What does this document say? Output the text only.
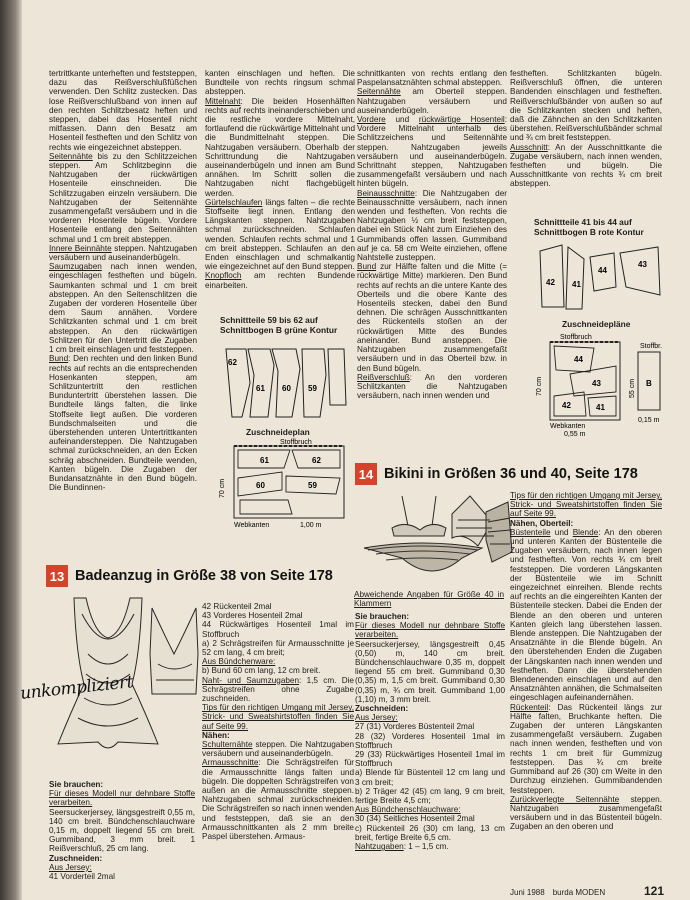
tertrittkante unterheften und feststeppen, dazu das Reißverschlußfüßchen verwenden. Den Schlitz zustecken. Das lose Reißverschlußband von innen auf den rechten Schlitzbesatz heften und steppen, dabei das Hosenteil nicht mitfassen. Dann den Besatz am Hosenteil festheften und den Schlitz von rechts wie eingezeichnet absteppen.

Seitennähte bis zu den Schlitzzeichen steppen. Am Schlitzbeginn die Nahtzugaben der rückwärtigen Hosenteile einschneiden. Die Schlitzzugaben einzeln versäubern. Die Nahtzugaben der Seitennähte zusammengefaßt versäubern und in die vorderen Hosenteile bügeln. Vordere Hosenteile entlang den Seitennähten schmal und 1 cm breit absteppen.

Innere Beinnähte steppen. Nahtzugaben versäubern und auseinanderbügeln.

Saumzugaben nach innen wenden, eingeschlagen festheften und bügeln. Saumkanten schmal und 1 cm breit absteppen. An den Seitenschlitzen die Zugaben der vorderen Hosenteile über dem Saum annähen. Vordere Schlitzkanten schmal und 1 cm breit absteppen. An den rückwärtigen Schlitzen für den Untertritt die Zugaben 1 cm breit einschlagen und feststeppen.

Bund: Den rechten und den linken Bund rechts auf rechts an die entsprechenden Hosenkanten steppen, am Schlitzuntertritt den restlichen Bunduntertritt überstehen lassen. Die Bundteile längs falten, die linke Stoffseite liegt außen. Die vorderen Bundschmalseiten und die überstehenden unteren Untertrittkanten aufeinandersteppen. Die Nahtzugaben schmal zurückschneiden, an den Ecken schräg abschneiden. Bundteile wenden, Kanten bügeln. Die Zugaben der Bundansatznähte in den Bund bügeln. Die Bundinnen-

kanten einschlagen und heften. Die Bundteile von rechts ringsum schmal absteppen.

Mittelnaht: Die beiden Hosenhälften rechts auf rechts ineinanderschieben und die restliche vordere Mittelnaht, fortlaufend die rückwärtige Mittelnaht und die Bundmittelnaht steppen. Die Nahtzugaben versäubern. Oberhalb der Schrittrundung die Nahtzugaben auseinanderbügeln und innen am Bund annähen. Im Schritt sollen die Nahtzugaben nicht flachgebügelt werden.

Gürtelschlaufen längs falten – die rechte Stoffseite liegt innen. Entlang den Längskanten steppen. Nahtzugaben schmal zurückschneiden. Schlaufen wenden. Schlaufen rechts schmal und 1 cm breit absteppen. Schlaufen an den Enden einschlagen und schmalkantig wie eingezeichnet auf den Bund steppen.

Knopfloch am rechten Bundende einarbeiten.

schnittkanten von rechts entlang den Paspelansatznähten schmal absteppen.

Seitennähte am Oberteil steppen. Nahtzugaben versäubern und auseinanderbügeln.

Vordere und rückwärtige Hosenteil: Vordere Mittelnaht unterhalb des Schlitzzeichens und Seitennähte steppen. Nahtzugaben jeweils versäubern und auseinanderbügeln. Schrittnaht steppen, Nahtzugaben zusammengefaßt versäubern und nach hinten bügeln.

Beinausschnitte: Die Nahtzugaben der Beinausschnitte versäubern, nach innen wenden und festheften. Von rechts die Nahtzugaben ½ cm breit feststeppen, dabei ein Stück Naht zum Einziehen des Gummibands offen lassen. Gummiband auf je ca. 58 cm Weite einziehen, offene Nahtstelle zusteppen.

Bund zur Hälfte falten und die Mitte (= rückwärtige Mitte) markieren. Den Bund rechts auf rechts an die untere Kante des Oberteils und die obere Kante des Hosenteils stecken, dabei den Bund dehnen. Die schrägen Ausschnittkanten des Rückenteils stoßen an der rückwärtigen Mitte des Bundes aneinander. Bund ansteppen. Die Nahtzugaben zusammengefaßt versäubern und in das Oberteil bzw. in den Bund bügeln.

Reißverschluß: An den vorderen Schlitzkanten die Nahtzugaben versäubern, nach innen wenden und

festheften. Schlitzkanten bügeln. Reißverschluß öffnen, die unteren Bandenden einschlagen und festheften. Reißverschlußbänder von außen so auf die Schlitzkanten stecken und heften, daß die Zähnchen an den Schlitzkanten überstehen. Reißverschlußbänder schmal und ¾ cm breit feststeppen.

Ausschnitt: An der Ausschnittkante die Zugabe versäubern, nach innen wenden, festheften und bügeln. Die Ausschnittkante von rechts ¾ cm breit absteppen.

Schnittteile 59 bis 62 auf Schnittbogen B grüne Kontur
62
61 60 59
Zuschneideplan
Stoffbruch
61	62
60	59
70 cm
Webkanten	1,00 m
Schnittteile 41 bis 44 auf Schnittbogen B rote Kontur
42 41
44
43
Zuschneidepläne
Stoffbruch
44
43
42	41
70 cm
Webkanten
0,55 m
Stoffbr.
B
55 cm
0,15 m
14 Bikini in Größen 36 und 40, Seite 178
Abweichende Angaben für Größe 40 in Klammern
13 Badeanzug in Größe 38 von Seite 178
unkompliziert

Sie brauchen:

Für dieses Modell nur dehnbare Stoffe verarbeiten.

Seersuckerjersey, längsgestreift 0,55 m, 140 cm breit. Bündchenschlauchware 0,15 m, doppelt liegend 55 cm breit. Gummiband, 3 mm breit. 1 Reißverschluß, 25 cm lang.

Zuschneiden:

Aus Jersey:

41 Vorderteil 2mal

42 Rückenteil 2mal

43 Vorderes Hosenteil 2mal

44 Rückwärtiges Hosenteil 1mal im Stoffbruch

a) 2 Schrägstreifen für Armausschnitte je 52 cm lang, 4 cm breit;

Aus Bündchenware:

b) Bund 60 cm lang, 12 cm breit.

Naht- und Saumzugaben: 1,5 cm. Die Schrägstreifen ohne Zugabe zuschneiden.

Tips für den richtigen Umgang mit Jersey, Strick- und Sweatshirtstoffen finden Sie auf Seite 99.

Nähen:

Schulternähte steppen. Die Nahtzugaben versäubern und auseinanderbügeln.

Armausschnitte: Die Schrägstreifen für die Armausschnitte längs falten und bügeln. Die doppelten Schrägstreifen von außen an die Armausschnitte steppen. Nahtzugaben schmal zurückschneiden. Die Schrägstreifen so nach innen wenden und feststeppen, daß sie an den Armausschnittkanten als 2 mm breite Paspel überstehen. Armaus-

Sie brauchen:

Für dieses Modell nur dehnbare Stoffe verarbeiten.

Seersuckerjersey, längsgestreift 0,45 (0,50) m, 140 cm breit. Bündchenschlauchware 0,35 m, doppelt liegend 55 cm breit. Gummiband 0,30 (0,35) m, 1,5 cm breit. Gummiband 0,30 (0,35) m, ¾ cm breit. Gummiband 1,00 (1,10) m, 3 mm breit.

Zuschneiden:

Aus Jersey:

27 (31) Vorderes Büstenteil 2mal

28 (32) Vorderes Hosenteil 1mal im Stoffbruch

29 (33) Rückwärtiges Hosenteil 1mal im Stoffbruch

a) Blende für Büstenteil 12 cm lang und 3 cm breit;

b) 2 Träger 42 (45) cm lang, 9 cm breit, fertige Breite 4,5 cm;

Aus Bündchenschlauchware:

30 (34) Seitliches Hosenteil 2mal

c) Rückenteil 26 (30) cm lang, 13 cm breit, fertige Breite 6,5 cm.

Nahtzugaben: 1 – 1,5 cm.

Tips für den richtigen Umgang mit Jersey, Strick- und Sweatshirtstoffen finden Sie auf Seite 99.

Nähen, Oberteil:

Büstenteile und Blende: An den oberen und unteren Kanten der Büstenteile die Zugaben versäubern, nach innen legen und festheften. Von rechts ¾ cm breit feststeppen. Die vorderen Längskanten der Büstenteile wie im Schnitt eingezeichnet einreihen. Blende rechts auf rechts an die eingereihten Kanten der Büstenteile stecken. Dabei die Enden der Blende an den oberen und unteren Kanten gleich lang überstehen lassen. Blende ansteppen. Die Nahtzugaben der Ansatznähte in die Blende bügeln. An den überstehenden Enden die Zugaben der Längskanten nach innen wenden und festheften. Dann die überstehenden Blendenenden einschlagen und auf den Ansatznähten annähen, die Schmalseiten eingeschlagen aufeinandernähen.

Rückenteil: Das Rückenteil längs zur Hälfte falten, Bruchkante heften. Die Zugaben der unteren Längskanten zusammengefaßt versäubern. Zugaben nach innen wenden, festheften und von rechts 1 cm breit für Gummizug feststeppen. Das ¾ cm breite Gummiband auf 26 (30) cm Weite in den Durchzug einziehen. Gummibandenden feststeppen.

Zurückverlegte Seitennähte steppen. Nahtzugaben zusammengefaßt versäubern und in das Büstenteil bügeln. Zugaben an den oberen und

Juni 1988 burda MODEN	121
